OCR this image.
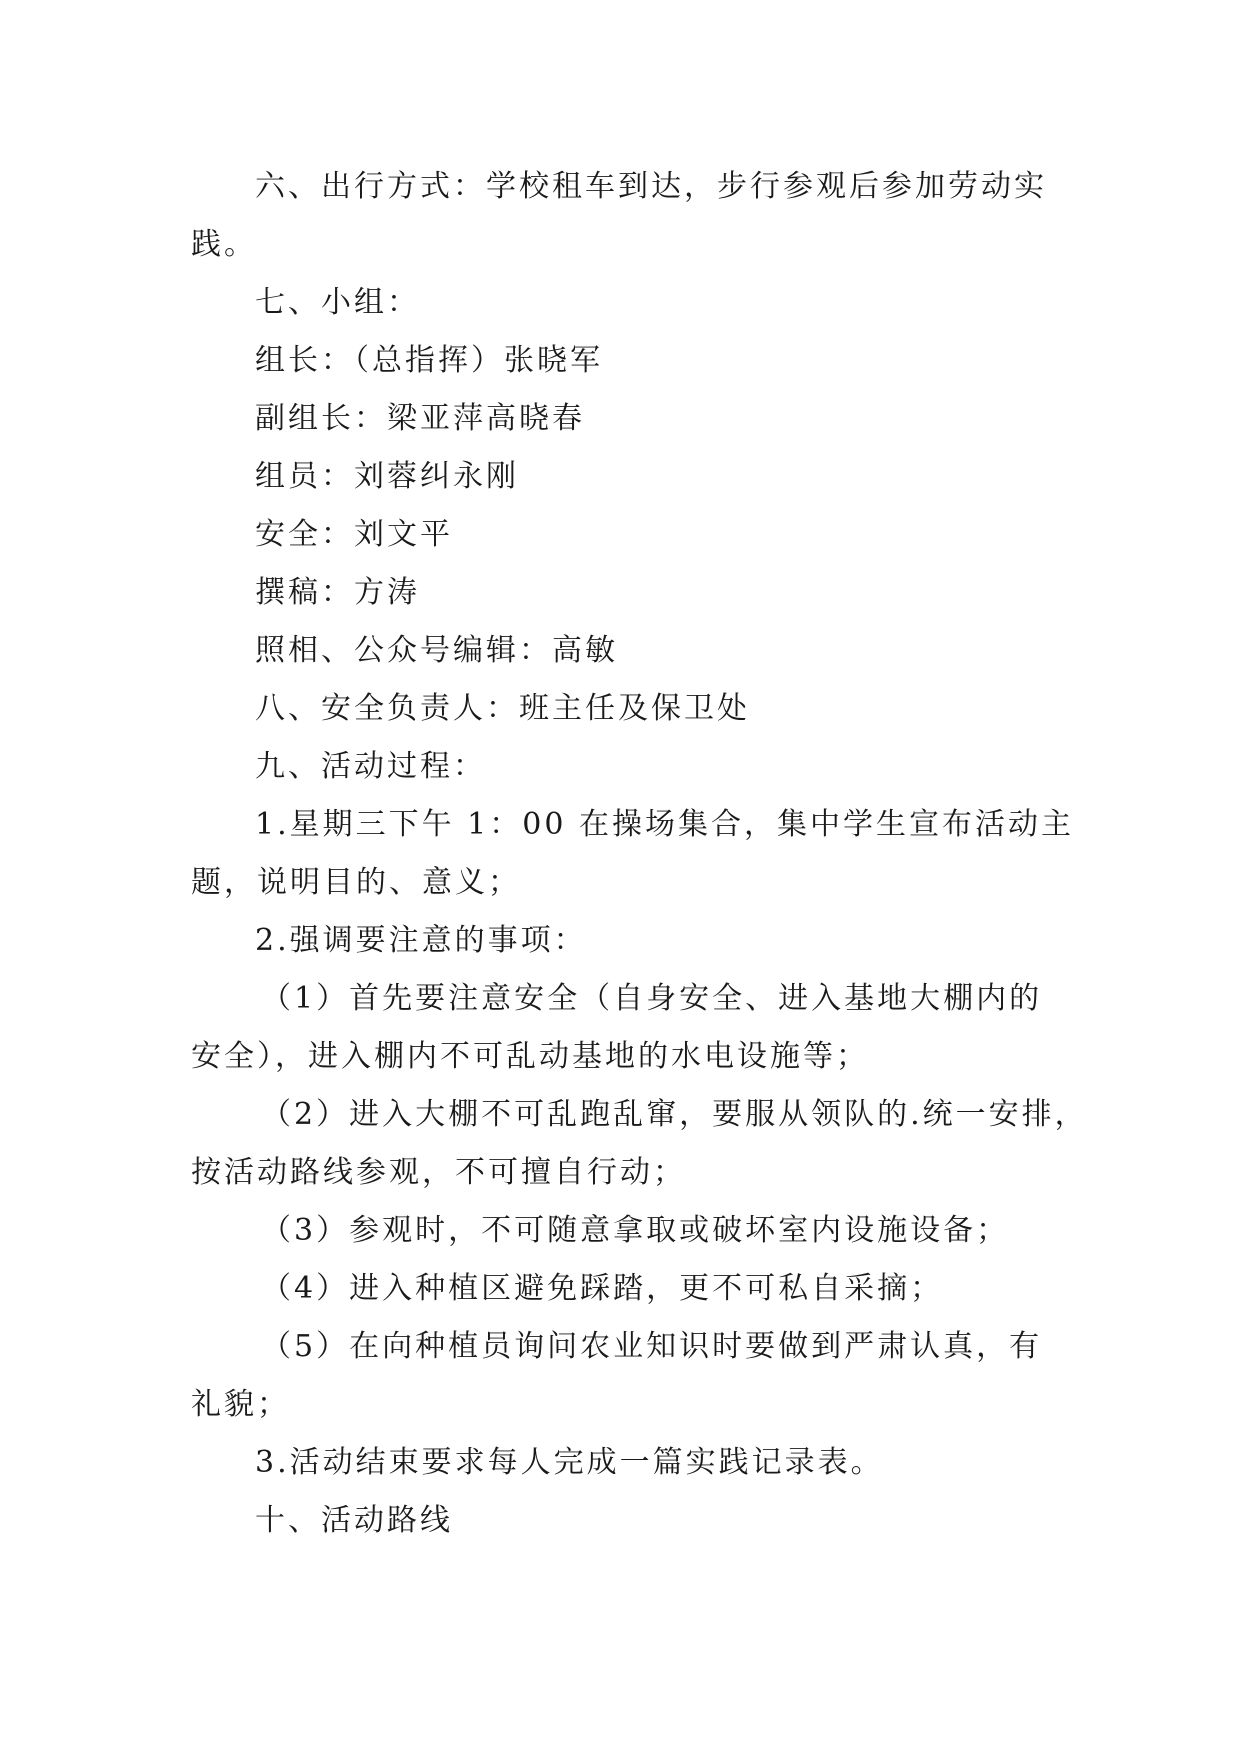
六、出行方式：学校租车到达，步行参观后参加劳动实
践。
七、小组：
组长：（总指挥）张晓军
副组长：梁亚萍高晓春
组员：刘蓉纠永刚
安全：刘文平
撰稿：方涛
照相、公众号编辑：高敏
八、安全负责人：班主任及保卫处
九、活动过程：
1.星期三下午 1：00 在操场集合，集中学生宣布活动主
题，说明目的、意义；
2.强调要注意的事项：
（1）首先要注意安全（自身安全、进入基地大棚内的
安全），进入棚内不可乱动基地的水电设施等；
（2）进入大棚不可乱跑乱窜，要服从领队的.统一安排，
按活动路线参观，不可擅自行动；
（3）参观时，不可随意拿取或破坏室内设施设备；
（4）进入种植区避免踩踏，更不可私自采摘；
（5）在向种植员询问农业知识时要做到严肃认真，有
礼貌；
3.活动结束要求每人完成一篇实践记录表。
十、活动路线
